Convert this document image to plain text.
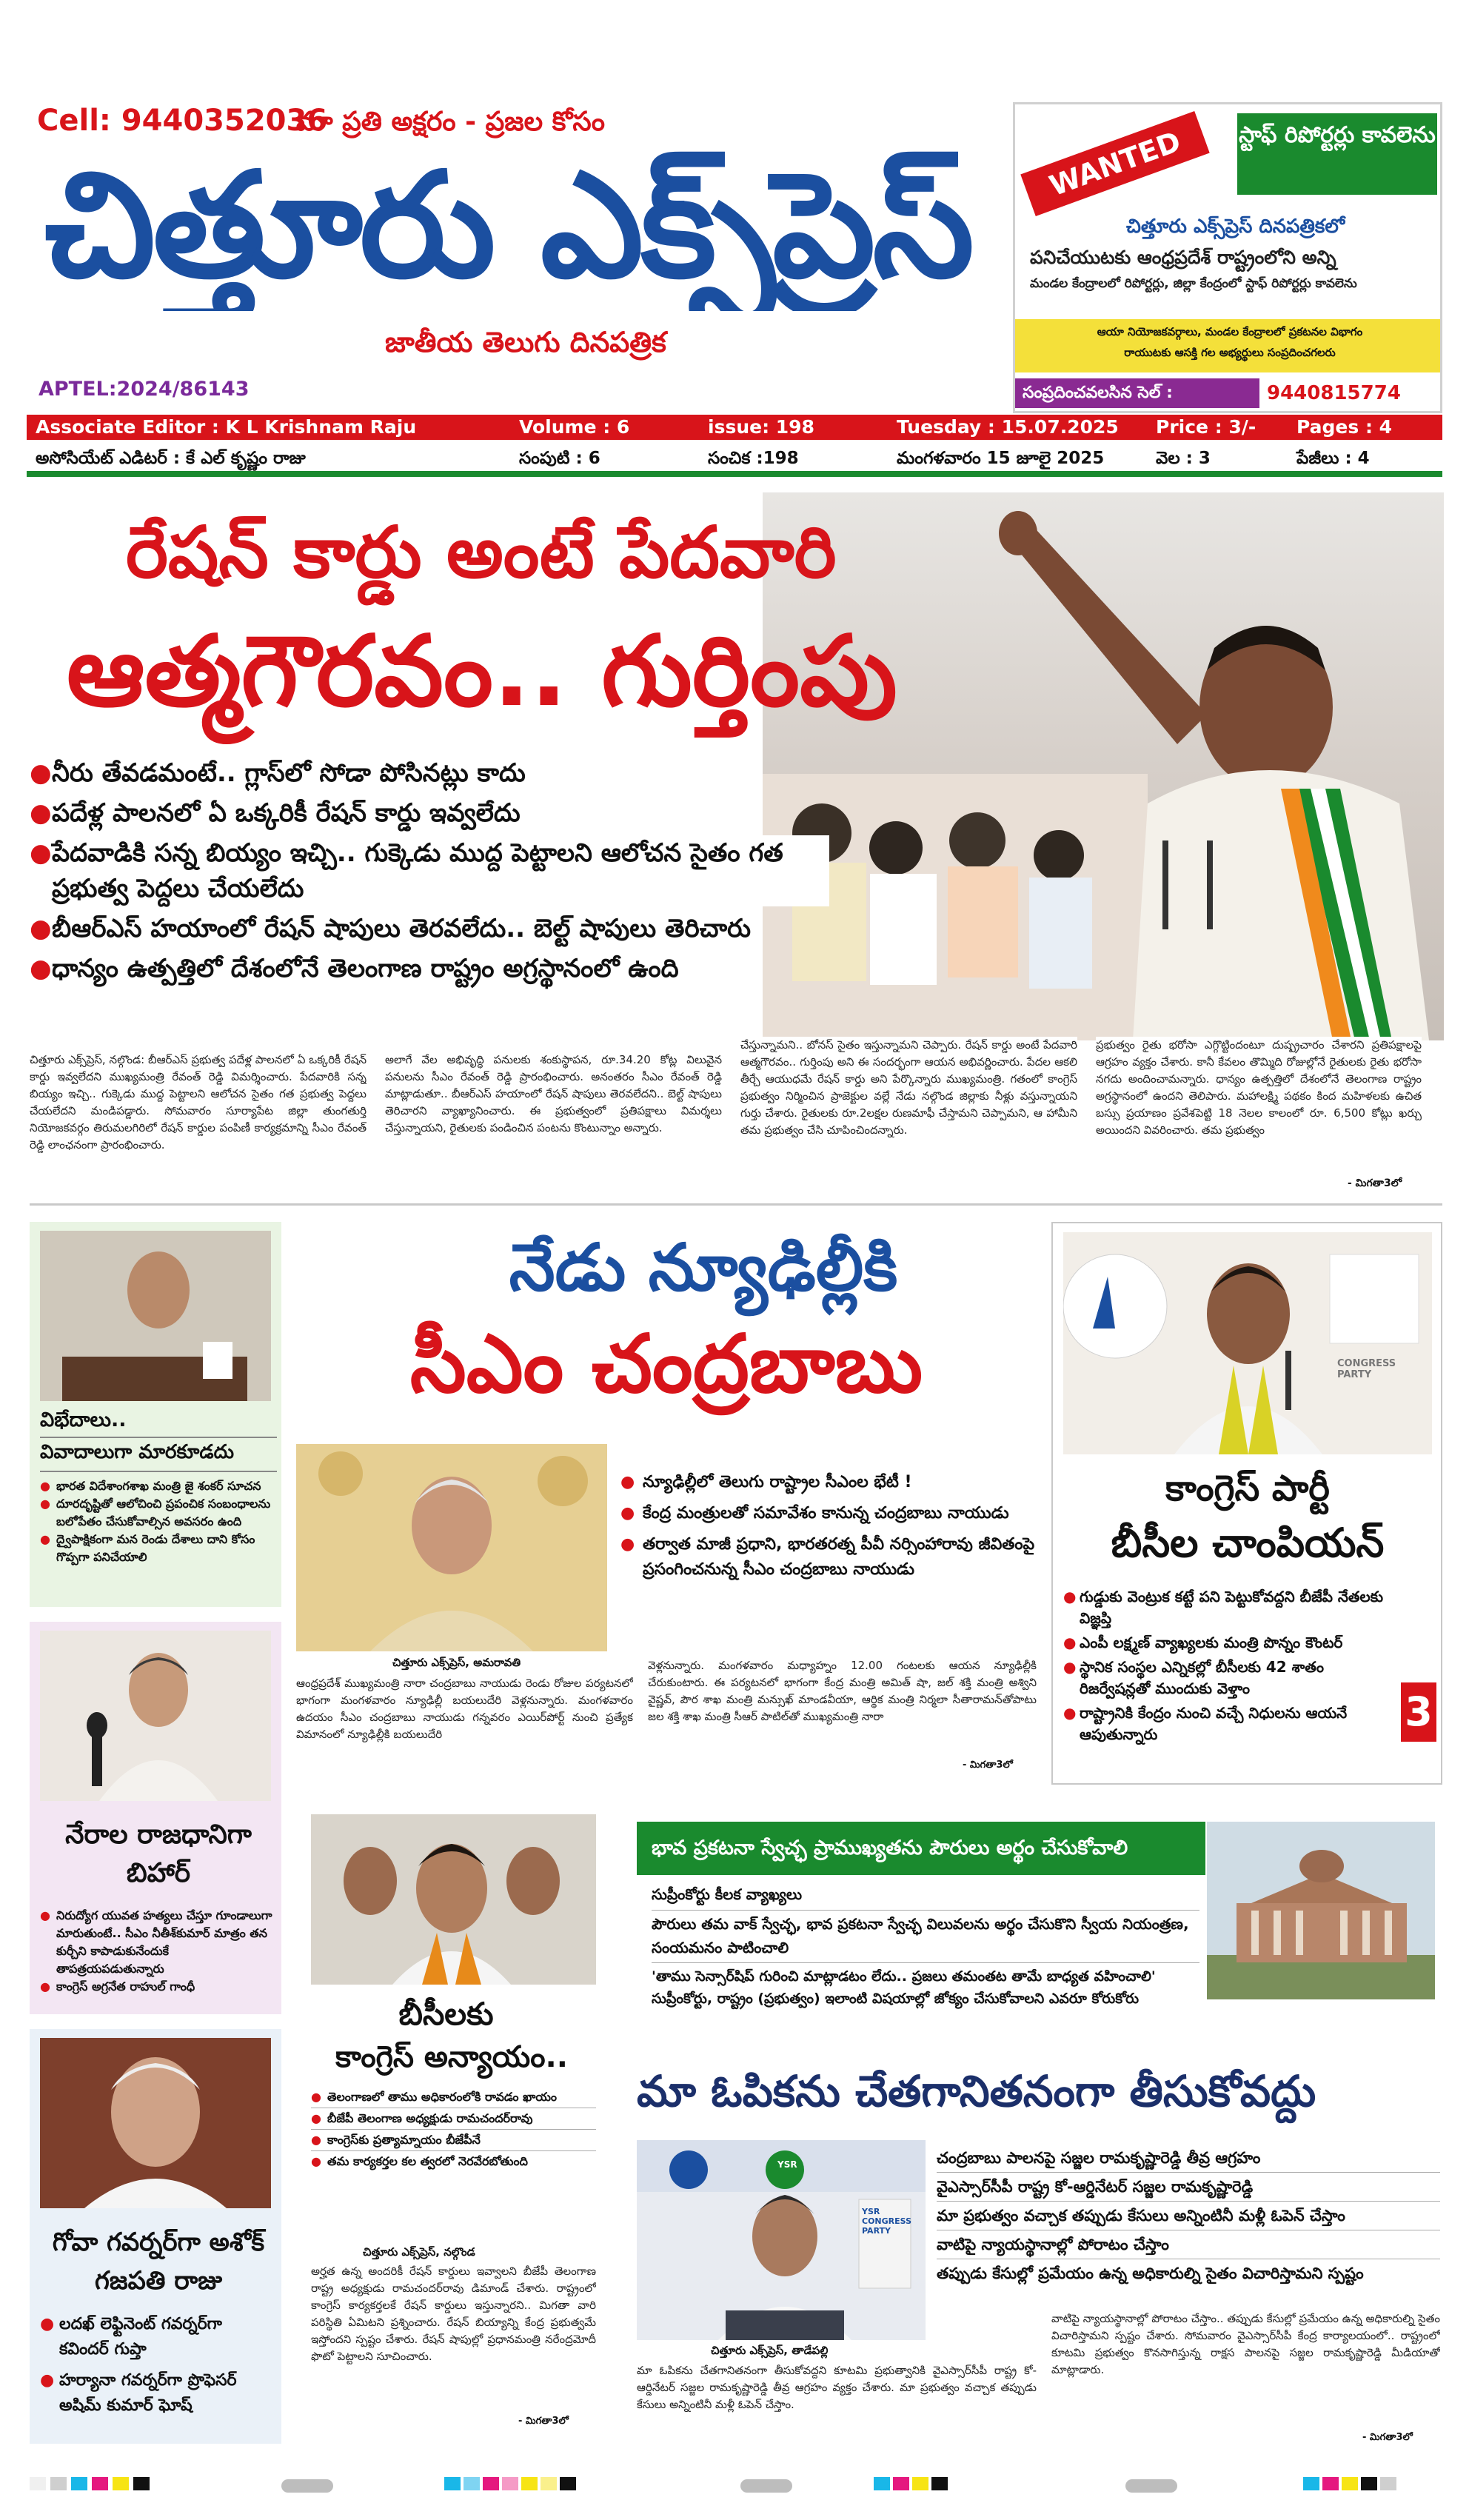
Cell: 9440352036
మా ప్రతి అక్షరం - ప్రజల కోసం
చిత్తూరు ఎక్స్‌ప్రెస్
జాతీయ తెలుగు దినపత్రిక
APTEL:2024/86143
WANTED	స్టాఫ్ రిపోర్టర్లు కావలెను
చిత్తూరు ఎక్స్‌ప్రెస్ దినపత్రికలో
పనిచేయుటకు ఆంధ్రప్రదేశ్ రాష్ట్రంలోని అన్ని
మండల కేంద్రాలలో రిపోర్టర్లు, జిల్లా కేంద్రంలో స్టాఫ్ రిపోర్టర్లు కావలెను
ఆయా నియోజకవర్గాలు, మండల కేంద్రాలలో ప్రకటనల విభాగం
రాయుటకు ఆసక్తి గల అభ్యర్థులు సంప్రదించగలరు
సంప్రదించవలసిన సెల్ :	9440815774
Associate Editor : K L Krishnam Raju	Volume : 6	issue: 198	Tuesday : 15.07.2025 Price : 3/- Pages : 4
అసోసియేట్ ఎడిటర్ : కే ఎల్ కృష్ణం రాజు	సంపుటి : 6	సంచిక :198	మంగళవారం 15 జూలై 2025	వెల : 3	పేజీలు : 4
రేషన్ కార్డు అంటే పేదవారి
ఆత్మగౌరవం.. గుర్తింపు
● నీరు తేవడమంటే.. గ్లాస్‌లో సోడా పోసినట్లు కాదు
● పదేళ్ల పాలనలో ఏ ఒక్కరికీ రేషన్ కార్డు ఇవ్వలేదు
● పేదవాడికి సన్న బియ్యం ఇచ్చి.. గుక్కెడు ముద్ద పెట్టాలని ఆలోచన సైతం గత ప్రభుత్వ పెద్దలు చేయలేదు
● బీఆర్ఎస్ హయాంలో రేషన్ షాపులు తెరవలేదు.. బెల్ట్ షాపులు తెరిచారు
● ధాన్యం ఉత్పత్తిలో దేశంలోనే తెలంగాణ రాష్ట్రం అగ్రస్థానంలో ఉంది
చిత్తూరు ఎక్స్‌ప్రెస్, నల్గొండ: బీఆర్ఎస్ ప్రభుత్వ పదేళ్ల పాలనలో ఏ ఒక్కరికీ రేషన్ కార్డు ఇవ్వలేదని ముఖ్యమంత్రి రేవంత్ రెడ్డి విమర్శించారు. పేదవారికి సన్న బియ్యం ఇచ్చి.. గుక్కెడు ముద్ద పెట్టాలని ఆలోచన సైతం గత ప్రభుత్వ పెద్దలు చేయలేదని మండిపడ్డారు. సోమవారం సూర్యాపేట జిల్లా తుంగతుర్తి నియోజకవర్గం తిరుమలగిరిలో రేషన్ కార్డుల పంపిణీ కార్యక్రమాన్ని సీఎం రేవంత్ రెడ్డి లాంఛనంగా ప్రారంభించారు.
అలాగే వేల అభివృద్ధి పనులకు శంకుస్థాపన, రూ.34.20 కోట్ల విలువైన పనులను సీఎం రేవంత్ రెడ్డి ప్రారంభించారు. అనంతరం సీఎం రేవంత్ రెడ్డి మాట్లాడుతూ.. బీఆర్ఎస్ హయాంలో రేషన్ షాపులు తెరవలేదని.. బెల్ట్ షాపులు తెరిచారని వ్యాఖ్యానించారు. ఈ ప్రభుత్వంలో ప్రతిపక్షాలు విమర్శలు చేస్తున్నాయని, రైతులకు పండించిన పంటను కొంటున్నాం అన్నారు.
చేస్తున్నామని.. బోనస్ సైతం ఇస్తున్నామని చెప్పారు. రేషన్ కార్డు అంటే పేదవారి ఆత్మగౌరవం.. గుర్తింపు అని ఈ సందర్భంగా ఆయన అభివర్ణించారు. పేదల ఆకలి తీర్చే ఆయుధమే రేషన్ కార్డు అని పేర్కొన్నారు ముఖ్యమంత్రి. గతంలో కాంగ్రెస్ ప్రభుత్వం నిర్మించిన ప్రాజెక్టుల వల్లే నేడు నల్గొండ జిల్లాకు నీళ్లు వస్తున్నాయని గుర్తు చేశారు. రైతులకు రూ.2లక్షల రుణమాఫీ చేస్తామని చెప్పామని, ఆ హామీని తమ ప్రభుత్వం చేసి చూపించిందన్నారు.
ప్రభుత్వం రైతు భరోసా ఎగ్గొట్టిందంటూ దుష్ప్రచారం చేశారని ప్రతిపక్షాలపై ఆగ్రహం వ్యక్తం చేశారు. కానీ కేవలం తొమ్మిది రోజుల్లోనే రైతులకు రైతు భరోసా నగదు అందించామన్నారు. ధాన్యం ఉత్పత్తిలో దేశంలోనే తెలంగాణ రాష్ట్రం అగ్రస్థానంలో ఉందని తెలిపారు. మహాలక్ష్మి పథకం కింద మహిళలకు ఉచిత బస్సు ప్రయాణం ప్రవేశపెట్టి 18 నెలల కాలంలో రూ. 6,500 కోట్లు ఖర్చు అయిందని వివరించారు. తమ ప్రభుత్వం
- మిగతా3లో
విభేదాలు..
వివాదాలుగా మారకూడదు
● భారత విదేశాంగశాఖ మంత్రి జై శంకర్ సూచన
● దూరదృష్టితో ఆలోచించి ప్రపంచిక సంబంధాలను బలోపేతం చేసుకోవాల్సిన అవసరం ఉంది
● ద్వైపాక్షికంగా మన రెండు దేశాలు దాని కోసం గొప్పగా పనిచేయాలి
నేరాల రాజధానిగా బిహార్
● నిరుద్యోగ యువత హత్యలు చేస్తూ గూండాలుగా మారుతుంటే.. సీఎం నీతీశ్‌కుమార్ మాత్రం తన కుర్చీని కాపాడుకునేందుకే తాపత్రయపడుతున్నారు
● కాంగ్రెస్ అగ్రనేత రాహుల్ గాంధీ
గోవా గవర్నర్‌గా అశోక్ గజపతి రాజు
● లదఖ్ లెఫ్టినెంట్ గవర్నర్‌గా కవిందర్ గుప్తా
● హర్యానా గవర్నర్‌గా ప్రొఫెసర్ అషిమ్ కుమార్ ఘోష్
నేడు న్యూఢిల్లీకి
సీఎం చంద్రబాబు
చిత్తూరు ఎక్స్‌ప్రెస్, అమరావతి
● న్యూఢిల్లీలో తెలుగు రాష్ట్రాల సీఎంల భేటీ !
● కేంద్ర మంత్రులతో సమావేశం కానున్న చంద్రబాబు నాయుడు
● తర్వాత మాజీ ప్రధాని, భారతరత్న పీవీ నర్సింహారావు జీవితంపై ప్రసంగించనున్న సీఎం చంద్రబాబు నాయుడు
ఆంధ్రప్రదేశ్ ముఖ్యమంత్రి నారా చంద్రబాబు నాయుడు రెండు రోజుల పర్యటనలో భాగంగా మంగళవారం న్యూఢిల్లీ బయలుదేరి వెళ్లనున్నారు. మంగళవారం ఉదయం సీఎం చంద్రబాబు నాయుడు గన్నవరం ఎయిర్‌పోర్ట్ నుంచి ప్రత్యేక విమానంలో న్యూఢిల్లీకి బయలుదేరి
వెళ్లనున్నారు. మంగళవారం మధ్యాహ్నం 12.00 గంటలకు ఆయన న్యూఢిల్లీకి చేరుకుంటారు. ఈ పర్యటనలో భాగంగా కేంద్ర మంత్రి అమిత్ షా, జల్ శక్తి మంత్రి అశ్విని వైష్ణవ్, పౌర శాఖ మంత్రి మన్సుఖ్ మాండవీయా, ఆర్థిక మంత్రి నిర్మలా సీతారామన్‌తోపాటు జల శక్తి శాఖ మంత్రి సీఆర్ పాటిల్‌తో ముఖ్యమంత్రి నారా
- మిగతా3లో
CONGRESS PARTY
కాంగ్రెస్ పార్టీ
బీసీల చాంపియన్
● గుడ్డుకు వెంట్రుక కట్టే పని పెట్టుకోవద్దని బీజేపీ నేతలకు విజ్ఞప్తి
● ఎంపీ లక్ష్మణ్ వ్యాఖ్యలకు మంత్రి పొన్నం కౌంటర్
● స్థానిక సంస్థల ఎన్నికల్లో బీసీలకు 42 శాతం రిజర్వేషన్లతో ముందుకు వెళ్తాం
● రాష్ట్రానికి కేంద్రం నుంచి వచ్చే నిధులను ఆయనే ఆపుతున్నారు	3
బీసీలకు
కాంగ్రెస్ అన్యాయం..
● తెలంగాణలో తాము అధికారంలోకి రావడం ఖాయం
● బీజేపీ తెలంగాణ అధ్యక్షుడు రామచందర్‌రావు
● కాంగ్రెస్‌కు ప్రత్యామ్నాయం బీజేపీనే
● తమ కార్యకర్తల కల త్వరలో నెరవేరబోతుంది
చిత్తూరు ఎక్స్‌ప్రెస్, నల్గొండ
అర్హత ఉన్న అందరికీ రేషన్ కార్డులు ఇవ్వాలని బీజేపీ తెలంగాణ రాష్ట్ర అధ్యక్షుడు రామచందర్‌రావు డిమాండ్ చేశారు. రాష్ట్రంలో కాంగ్రెస్ కార్యకర్తలకే రేషన్ కార్డులు ఇస్తున్నారని.. మిగతా వారి పరిస్థితి ఏమిటని ప్రశ్నించారు. రేషన్ బియ్యాన్ని కేంద్ర ప్రభుత్వమే ఇస్తోందని స్పష్టం చేశారు. రేషన్ షాపుల్లో ప్రధానమంత్రి నరేంద్రమోదీ ఫొటో పెట్టాలని సూచించారు.
- మిగతా3లో
భావ ప్రకటనా స్వేచ్ఛ ప్రాముఖ్యతను పౌరులు అర్థం చేసుకోవాలి
సుప్రీంకోర్టు కీలక వ్యాఖ్యలు
పౌరులు తమ వాక్ స్వేచ్ఛ, భావ ప్రకటనా స్వేచ్ఛ విలువలను అర్థం చేసుకొని స్వీయ నియంత్రణ, సంయమనం పాటించాలి
'తాము సెన్సార్‌షిప్ గురించి మాట్లాడటం లేదు.. ప్రజలు తమంతట తామే బాధ్యత వహించాలి' సుప్రీంకోర్టు, రాష్ట్రం (ప్రభుత్వం) ఇలాంటి విషయాల్లో జోక్యం చేసుకోవాలని ఎవరూ కోరుకోరు
మా ఓపికను చేతగానితనంగా తీసుకోవద్దు
YSR
YSR CONGRESS PARTY
చిత్తూరు ఎక్స్‌ప్రెస్, తాడేపల్లి
చంద్రబాబు పాలనపై సజ్జల రామకృష్ణారెడ్డి తీవ్ర ఆగ్రహం
వైఎస్సార్‌సీపీ రాష్ట్ర కో-ఆర్డినేటర్ సజ్జల రామకృష్ణారెడ్డి
మా ప్రభుత్వం వచ్చాక తప్పుడు కేసులు అన్నింటినీ మళ్లీ ఓపెన్ చేస్తాం
వాటిపై న్యాయస్థానాల్లో పోరాటం చేస్తాం
తప్పుడు కేసుల్లో ప్రమేయం ఉన్న అధికారుల్ని సైతం విచారిస్తామని స్పష్టం
మా ఓపికను చేతగానితనంగా తీసుకోవద్దని కూటమి ప్రభుత్వానికి వైఎస్సార్‌సీపీ రాష్ట్ర కో-ఆర్డినేటర్ సజ్జల రామకృష్ణారెడ్డి తీవ్ర ఆగ్రహం వ్యక్తం చేశారు. మా ప్రభుత్వం వచ్చాక తప్పుడు కేసులు అన్నింటినీ మళ్లీ ఓపెన్ చేస్తాం.
వాటిపై న్యాయస్థానాల్లో పోరాటం చేస్తాం.. తప్పుడు కేసుల్లో ప్రమేయం ఉన్న అధికారుల్ని సైతం విచారిస్తామని స్పష్టం చేశారు. సోమవారం వైఎస్సార్‌సీపీ కేంద్ర కార్యాలయంలో.. రాష్ట్రంలో కూటమి ప్రభుత్వం కొనసాగిస్తున్న రాక్షస పాలనపై సజ్జల రామకృష్ణారెడ్డి మీడియాతో మాట్లాడారు.
- మిగతా3లో
